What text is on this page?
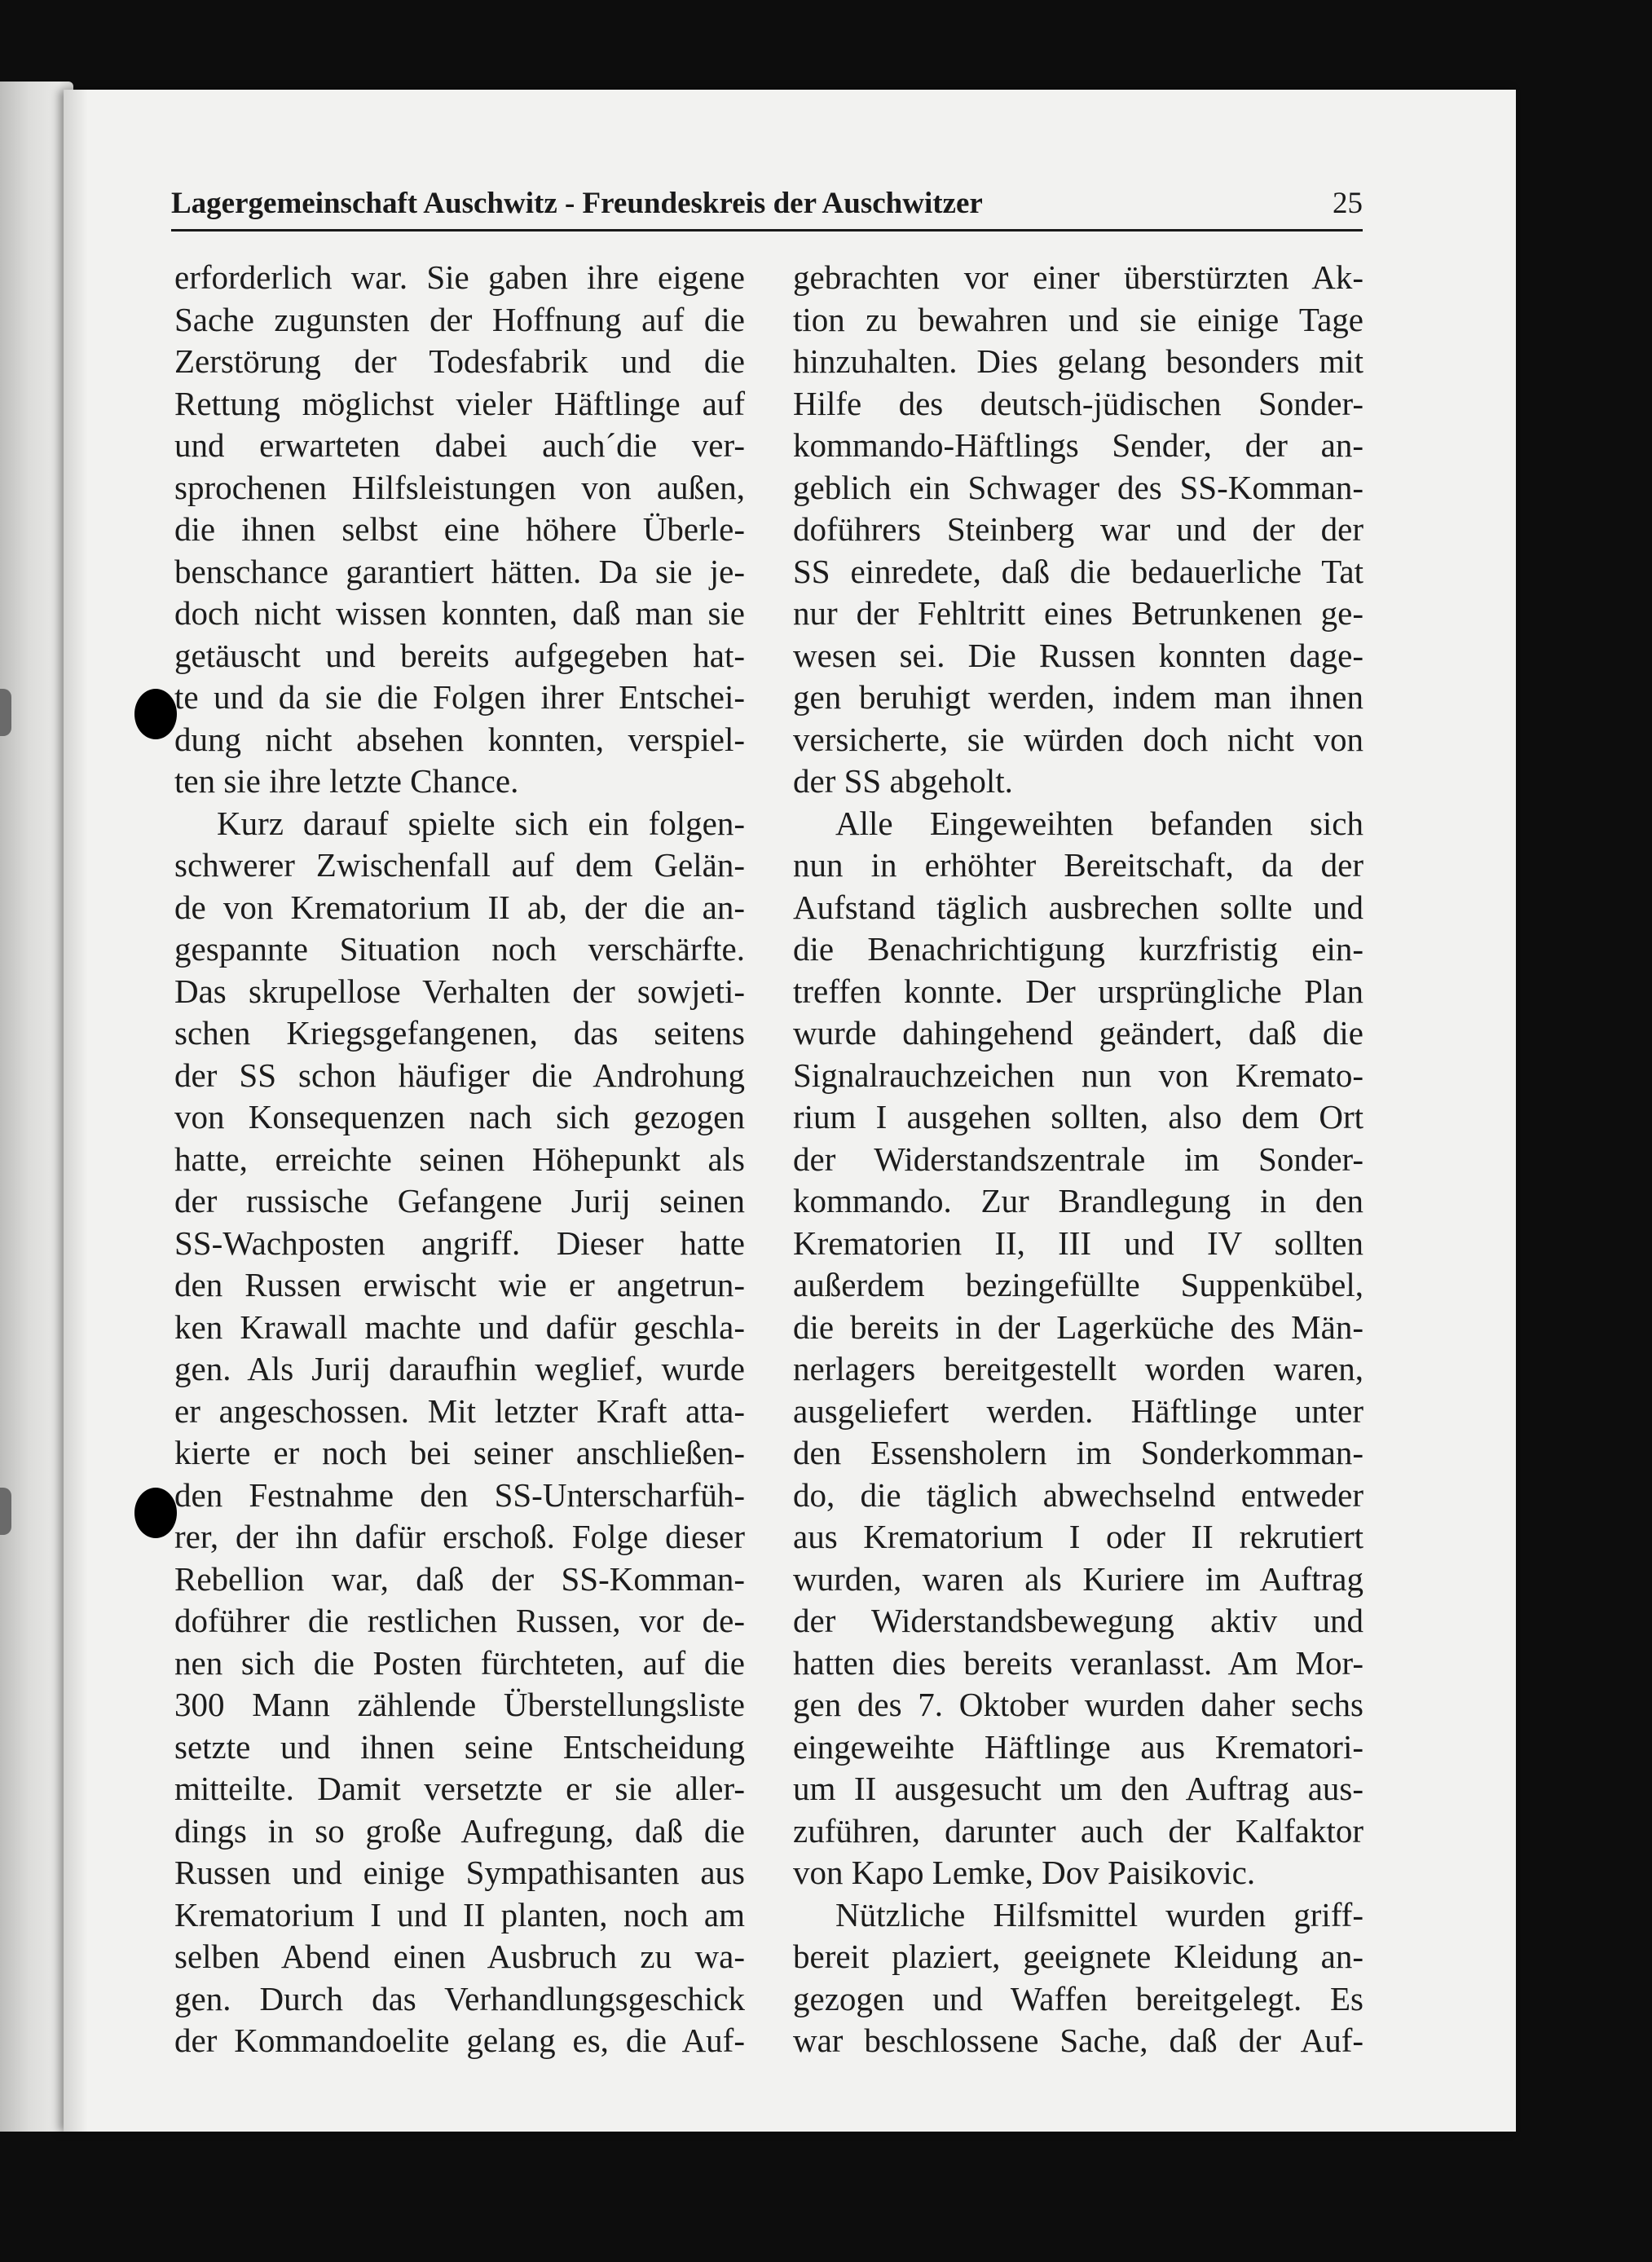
Lagergemeinschaft Auschwitz - Freundeskreis der Auschwitzer	25
erforderlich war. Sie gaben ihre eigene
Sache zugunsten der Hoffnung auf die
Zerstörung der Todesfabrik und die
Rettung möglichst vieler Häftlinge auf
und erwarteten dabei auch´die ver-
sprochenen Hilfsleistungen von außen,
die ihnen selbst eine höhere Überle-
benschance garantiert hätten. Da sie je-
doch nicht wissen konnten, daß man sie
getäuscht und bereits aufgegeben hat-
te und da sie die Folgen ihrer Entschei-
dung nicht absehen konnten, verspiel-
ten sie ihre letzte Chance.
Kurz darauf spielte sich ein folgen-
schwerer Zwischenfall auf dem Gelän-
de von Krematorium II ab, der die an-
gespannte Situation noch verschärfte.
Das skrupellose Verhalten der sowjeti-
schen Kriegsgefangenen, das seitens
der SS schon häufiger die Androhung
von Konsequenzen nach sich gezogen
hatte, erreichte seinen Höhepunkt als
der russische Gefangene Jurij seinen
SS-Wachposten angriff. Dieser hatte
den Russen erwischt wie er angetrun-
ken Krawall machte und dafür geschla-
gen. Als Jurij daraufhin weglief, wurde
er angeschossen. Mit letzter Kraft atta-
kierte er noch bei seiner anschließen-
den Festnahme den SS-Unterscharfüh-
rer, der ihn dafür erschoß. Folge dieser
Rebellion war, daß der SS-Komman-
doführer die restlichen Russen, vor de-
nen sich die Posten fürchteten, auf die
300 Mann zählende Überstellungsliste
setzte und ihnen seine Entscheidung
mitteilte. Damit versetzte er sie aller-
dings in so große Aufregung, daß die
Russen und einige Sympathisanten aus
Krematorium I und II planten, noch am
selben Abend einen Ausbruch zu wa-
gen. Durch das Verhandlungsgeschick
der Kommandoelite gelang es, die Auf-
gebrachten vor einer überstürzten Ak-
tion zu bewahren und sie einige Tage
hinzuhalten. Dies gelang besonders mit
Hilfe des deutsch-jüdischen Sonder-
kommando-Häftlings Sender, der an-
geblich ein Schwager des SS-Komman-
doführers Steinberg war und der der
SS einredete, daß die bedauerliche Tat
nur der Fehltritt eines Betrunkenen ge-
wesen sei. Die Russen konnten dage-
gen beruhigt werden, indem man ihnen
versicherte, sie würden doch nicht von
der SS abgeholt.
Alle Eingeweihten befanden sich
nun in erhöhter Bereitschaft, da der
Aufstand täglich ausbrechen sollte und
die Benachrichtigung kurzfristig ein-
treffen konnte. Der ursprüngliche Plan
wurde dahingehend geändert, daß die
Signalrauchzeichen nun von Kremato-
rium I ausgehen sollten, also dem Ort
der Widerstandszentrale im Sonder-
kommando. Zur Brandlegung in den
Krematorien II, III und IV sollten
außerdem bezingefüllte Suppenkübel,
die bereits in der Lagerküche des Män-
nerlagers bereitgestellt worden waren,
ausgeliefert werden. Häftlinge unter
den Essensholern im Sonderkomman-
do, die täglich abwechselnd entweder
aus Krematorium I oder II rekrutiert
wurden, waren als Kuriere im Auftrag
der Widerstandsbewegung aktiv und
hatten dies bereits veranlasst. Am Mor-
gen des 7. Oktober wurden daher sechs
eingeweihte Häftlinge aus Krematori-
um II ausgesucht um den Auftrag aus-
zuführen, darunter auch der Kalfaktor
von Kapo Lemke, Dov Paisikovic.
Nützliche Hilfsmittel wurden griff-
bereit plaziert, geeignete Kleidung an-
gezogen und Waffen bereitgelegt. Es
war beschlossene Sache, daß der Auf-
